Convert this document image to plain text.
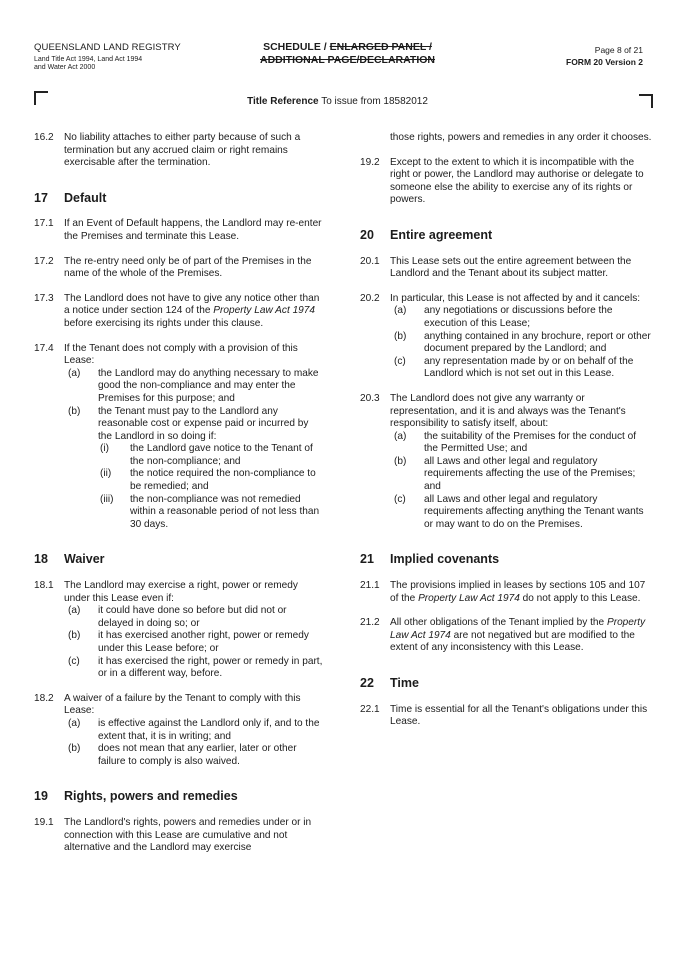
QUEENSLAND LAND REGISTRY
Land Title Act 1994, Land Act 1994
and Water Act 2000
SCHEDULE / ENLARGED PANEL /
ADDITIONAL PAGE/DECLARATION
Page 8 of 21
FORM 20 Version 2
Title Reference To issue from 18582012
16.2	No liability attaches to either party because of such a termination but any accrued claim or right remains exercisable after the termination.
17	Default
17.1	If an Event of Default happens, the Landlord may re-enter the Premises and terminate this Lease.
17.2	The re-entry need only be of part of the Premises in the name of the whole of the Premises.
17.3	The Landlord does not have to give any notice other than a notice under section 124 of the Property Law Act 1974 before exercising its rights under this clause.
17.4	If the Tenant does not comply with a provision of this Lease:
(a)	the Landlord may do anything necessary to make good the non-compliance and may enter the Premises for this purpose; and
(b)	the Tenant must pay to the Landlord any reasonable cost or expense paid or incurred by the Landlord in so doing if:
(i)	the Landlord gave notice to the Tenant of the non-compliance; and
(ii)	the notice required the non-compliance to be remedied; and
(iii)	the non-compliance was not remedied within a reasonable period of not less than 30 days.
18	Waiver
18.1	The Landlord may exercise a right, power or remedy under this Lease even if:
(a)	it could have done so before but did not or delayed in doing so; or
(b)	it has exercised another right, power or remedy under this Lease before; or
(c)	it has exercised the right, power or remedy in part, or in a different way, before.
18.2	A waiver of a failure by the Tenant to comply with this Lease:
(a)	is effective against the Landlord only if, and to the extent that, it is in writing; and
(b)	does not mean that any earlier, later or other failure to comply is also waived.
19	Rights, powers and remedies
19.1	The Landlord's rights, powers and remedies under or in connection with this Lease are cumulative and not alternative and the Landlord may exercise
those rights, powers and remedies in any order it chooses.
19.2	Except to the extent to which it is incompatible with the right or power, the Landlord may authorise or delegate to someone else the ability to exercise any of its rights or powers.
20	Entire agreement
20.1	This Lease sets out the entire agreement between the Landlord and the Tenant about its subject matter.
20.2	In particular, this Lease is not affected by and it cancels:
(a)	any negotiations or discussions before the execution of this Lease;
(b)	anything contained in any brochure, report or other document prepared by the Landlord; and
(c)	any representation made by or on behalf of the Landlord which is not set out in this Lease.
20.3	The Landlord does not give any warranty or representation, and it is and always was the Tenant's responsibility to satisfy itself, about:
(a)	the suitability of the Premises for the conduct of the Permitted Use; and
(b)	all Laws and other legal and regulatory requirements affecting the use of the Premises; and
(c)	all Laws and other legal and regulatory requirements affecting anything the Tenant wants or may want to do on the Premises.
21	Implied covenants
21.1	The provisions implied in leases by sections 105 and 107 of the Property Law Act 1974 do not apply to this Lease.
21.2	All other obligations of the Tenant implied by the Property Law Act 1974 are not negatived but are modified to the extent of any inconsistency with this Lease.
22	Time
22.1	Time is essential for all the Tenant's obligations under this Lease.
